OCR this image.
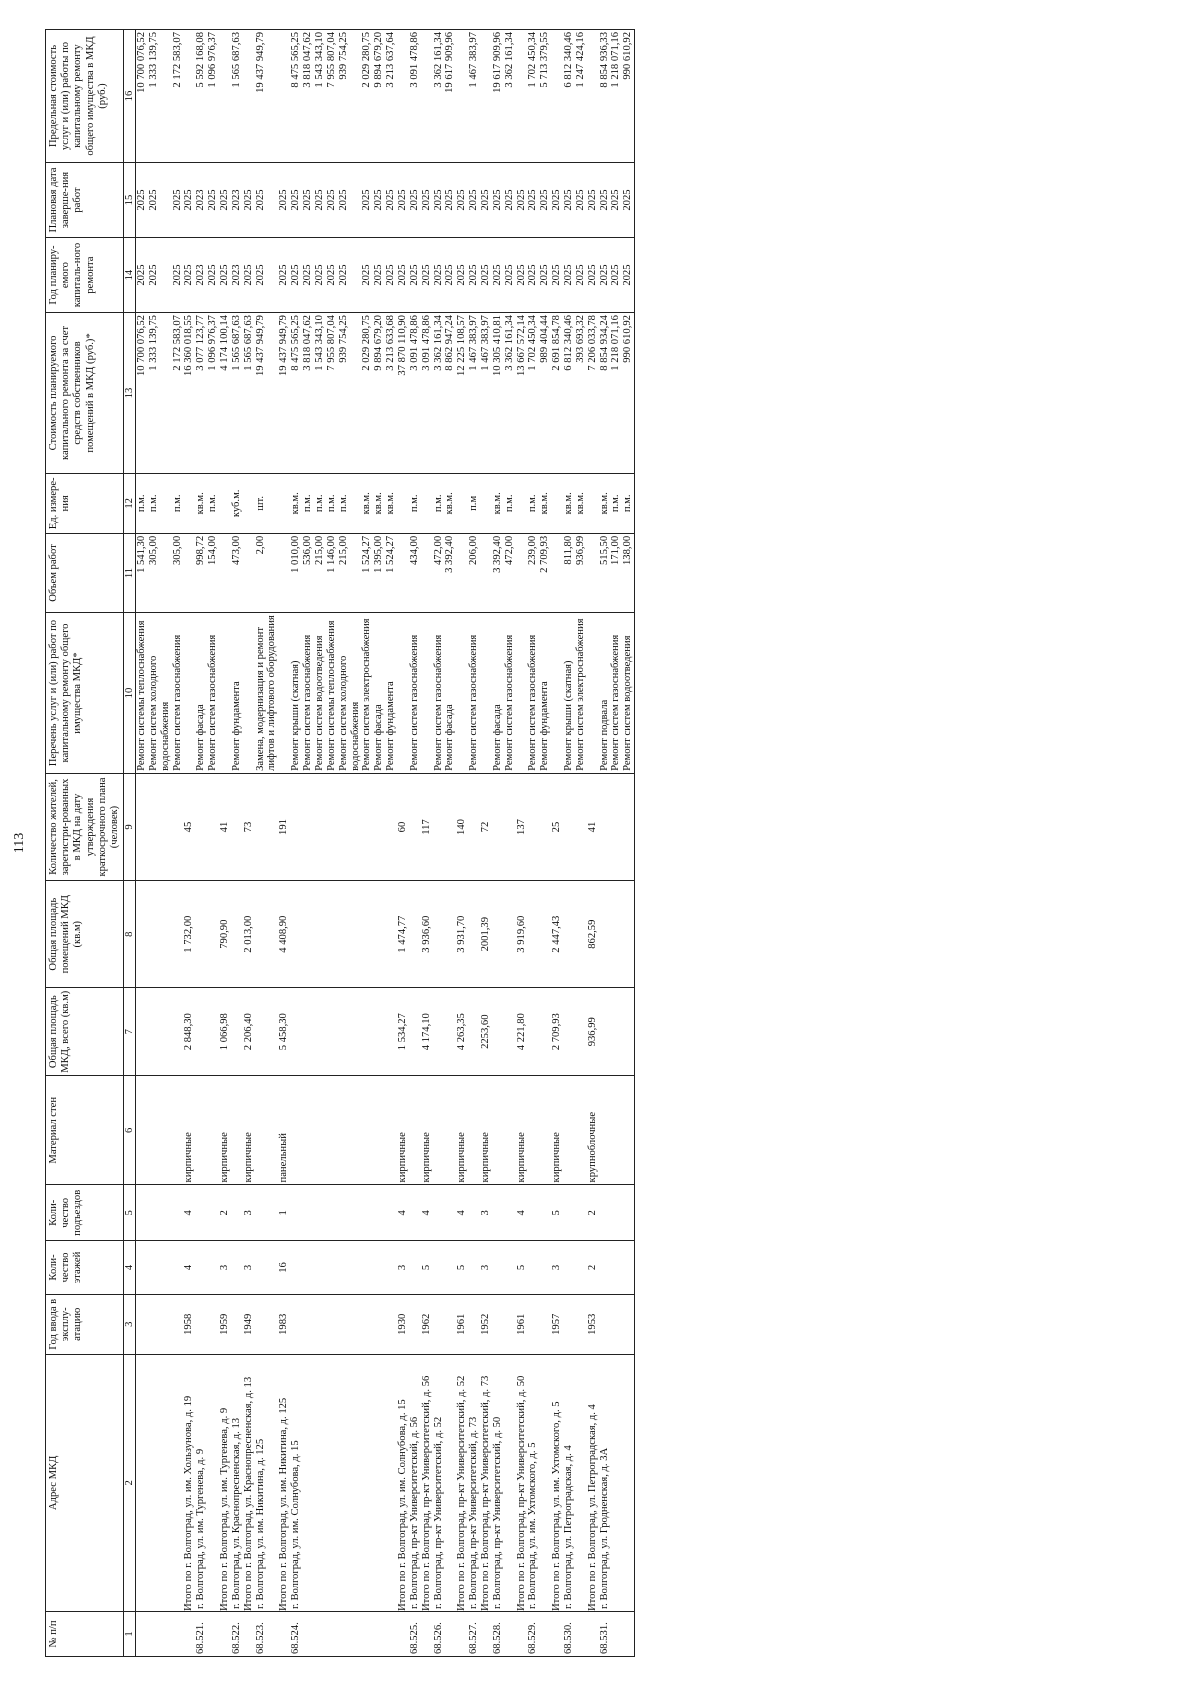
113
№ п/п	Адрес МКД	Год ввода в эксплу-атацию	Коли-чество этажей	Коли-чество подъездов	Материал стен	Общая площадь МКД, всего (кв.м)	Общая площадь помещений МКД (кв.м)	Количество жителей, зарегистри-рованных в МКД на дату утверждения краткосрочного плана (человек)	Перечень услуг и (или) работ по капитальному ремонту общего имущества МКД*	Объем работ	Ед. измере-ния	Стоимость планируемого капитального ремонта за счет средств собственников помещений в МКД (руб.)*	Год планиру-емого капиталь-ного ремонта	Плановая дата заверше-ния работ	Предельная стоимость услуг и (или) работы по капитальному ремонту общего имущества в МКД (руб.)
1	2	3	4	5	6	7	8	9	10	11	12	13	14	15	16
									Ремонт системы теплоснабжения	1 541,30	п.м.	10 700 076,52	2025	2025	10 700 076,52
									Ремонт систем холодного водоснабжения	305,00	п.м.	1 333 139,75	2025	2025	1 333 139,75
									Ремонт систем газоснабжения	305,00	п.м.	2 172 583,07	2025	2025	2 172 583,07
	Итого по г. Волгоград, ул. им. Хользунова, д. 19	1958	4	4	кирпичные	2 848,30	1 732,00	45				16 360 018,55	2025	2025	
68.521.	г. Волгоград, ул. им. Тургенева, д. 9								Ремонт фасада	998,72	кв.м.	3 077 123,77	2023	2023	5 592 168,08
									Ремонт систем газоснабжения	154,00	п.м.	1 096 976,37	2025	2025	1 096 976,37
	Итого по г. Волгоград, ул. им. Тургенева, д. 9	1959	3	2	кирпичные	1 066,98	790,90	41				4 174 100,14	2025	2025	
68.522.	г. Волгоград, ул. Краснопресненская, д. 13								Ремонт фундамента	473,00	куб.м.	1 565 687,63	2023	2023	1 565 687,63
	Итого по г. Волгоград, ул. Краснопресненская, д. 13	1949	3	3	кирпичные	2 206,40	2 013,00	73				1 565 687,63	2025	2025	
68.523.	г. Волгоград, ул. им. Никитина, д. 125								Замена, модернизация и ремонт лифтов и лифтового оборудования	2,00	шт.	19 437 949,79	2025	2025	19 437 949,79
	Итого по г. Волгоград, ул. им. Никитина, д. 125	1983	16	1	панельный	5 458,30	4 408,90	191				19 437 949,79	2025	2025	
68.524.	г. Волгоград, ул. им. Солнубова, д. 15								Ремонт крыши (скатная)	1 010,00	кв.м.	8 475 565,25	2025	2025	8 475 565,25
									Ремонт систем газоснабжения	536,00	п.м.	3 818 047,62	2025	2025	3 818 047,62
									Ремонт систем водоотведения	215,00	п.м.	1 543 343,10	2025	2025	1 543 343,10
									Ремонт системы теплоснабжения	1 146,00	п.м.	7 955 807,04	2025	2025	7 955 807,04
									Ремонт систем холодного водоснабжения	215,00	п.м.	939 754,25	2025	2025	939 754,25
									Ремонт систем электроснабжения	1 524,27	кв.м.	2 029 280,75	2025	2025	2 029 280,75
									Ремонт фасада	1 395,00	кв.м.	9 894 679,20	2025	2025	9 894 679,20
									Ремонт фундамента	1 524,27	кв.м.	3 213 633,68	2025	2025	3 213 637,64
	Итого по г. Волгоград, ул. им. Солнубова, д. 15	1930	3	4	кирпичные	1 534,27	1 474,77	60				37 870 110,90	2025	2025	
68.525.	г. Волгоград, пр-кт Университетский, д. 56								Ремонт систем газоснабжения	434,00	п.м.	3 091 478,86	2025	2025	3 091 478,86
	Итого по г. Волгоград, пр-кт Университетский, д. 56	1962	5	4	кирпичные	4 174,10	3 936,60	117				3 091 478,86	2025	2025	
68.526.	г. Волгоград, пр-кт Университетский, д. 52								Ремонт систем газоснабжения	472,00	п.м.	3 362 161,34	2025	2025	3 362 161,34
									Ремонт фасада	3 392,40	кв.м.	8 862 947,24	2025	2025	19 617 909,96
	Итого по г. Волгоград, пр-кт Университетский, д. 52	1961	5	4	кирпичные	4 263,35	3 931,70	140				12 225 108,57	2025	2025	
68.527.	г. Волгоград, пр-кт Университетский, д. 73								Ремонт систем газоснабжения	206,00	п.м	1 467 383,97	2025	2025	1 467 383,97
	Итого по г. Волгоград, пр-кт Университетский, д. 73	1952	3	3	кирпичные	2253,60	2001,39	72				1 467 383,97	2025	2025	
68.528.	г. Волгоград, пр-кт Университетский, д. 50								Ремонт фасада	3 392,40	кв.м.	10 305 410,81	2025	2025	19 617 909,96
									Ремонт систем газоснабжения	472,00	п.м.	3 362 161,34	2025	2025	3 362 161,34
	Итого по г. Волгоград, пр-кт Университетский, д. 50	1961	5	4	кирпичные	4 221,80	3 919,60	137				13 667 572,14	2025	2025	
68.529.	г. Волгоград, ул. им. Ухтомского, д. 5								Ремонт систем газоснабжения	239,00	п.м.	1 702 450,34	2025	2025	1 702 450,34
									Ремонт фундамента	2 709,93	кв.м.	989 404,44	2025	2025	5 713 379,55
	Итого по г. Волгоград, ул. им. Ухтомского, д. 5	1957	3	5	кирпичные	2 709,93	2 447,43	25				2 691 854,78	2025	2025	
68.530.	г. Волгоград, ул. Петроградская, д. 4								Ремонт крыши (скатная)	811,80	кв.м.	6 812 340,46	2025	2025	6 812 340,46
									Ремонт систем электроснабжения	936,99	кв.м.	393 693,32	2025	2025	1 247 424,16
	Итого по г. Волгоград, ул. Петроградская, д. 4	1953	2	2	крупноблочные	936,99	862,59	41				7 206 033,78	2025	2025	
68.531.	г. Волгоград, ул. Гродненская, д. 3А								Ремонт подвала	515,50	кв.м.	8 854 934,24	2025	2025	8 854 936,33
									Ремонт систем газоснабжения	171,00	п.м.	1 218 071,16	2025	2025	1 218 071,16
									Ремонт систем водоотведения	138,00	п.м.	990 610,92	2025	2025	990 610,92
